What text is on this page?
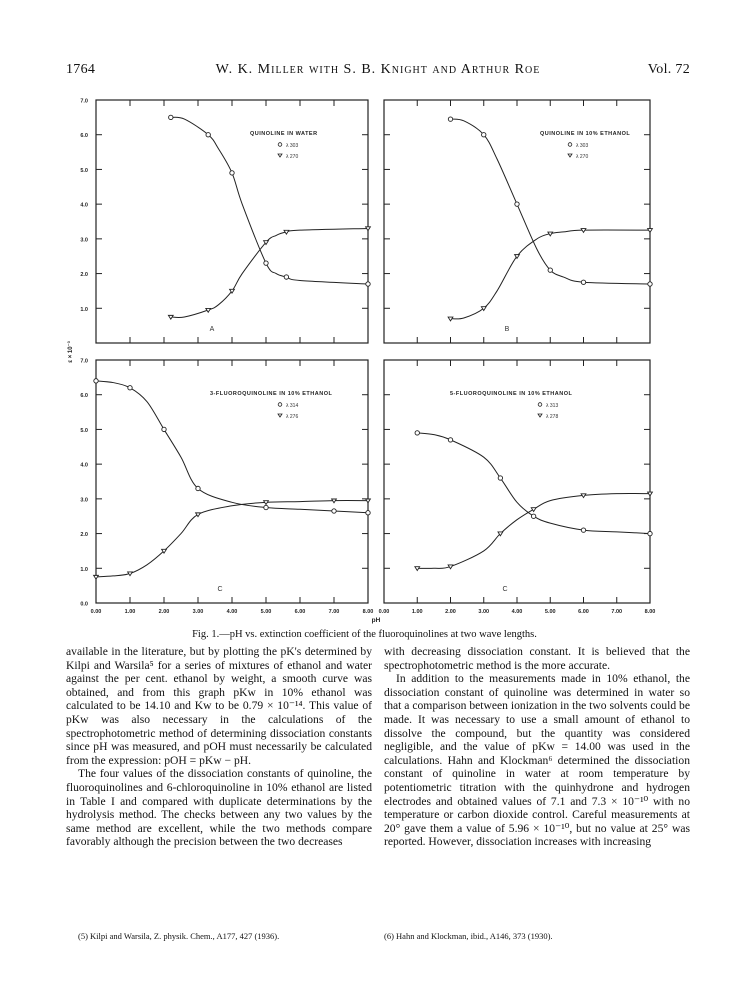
1764	W. K. Miller with S. B. Knight and Arthur Roe	Vol. 72
1.0
2.0
3.0
4.0
5.0
6.0
7.0
QUINOLINE IN WATER
λ 303
λ 270
A
QUINOLINE IN 10% ETHANOL
λ 303
λ 270
B
0.0
1.0
2.0
3.0
4.0
5.0
6.0
7.0
0.00	1.00	2.00	3.00	4.00	5.00	6.00	7.00	8.00
3-FLUOROQUINOLINE IN 10% ETHANOL
λ 314
λ 276
C
0.00	1.00	2.00	3.00	4.00	5.00	6.00	7.00	8.00
5-FLUOROQUINOLINE IN 10% ETHANOL
λ 313
λ 278
C
ε × 10⁻³
pH
Fig. 1.—pH vs. extinction coefficient of the fluoroquinolines at two wave lengths.

available in the literature, but by plotting the pK's determined by Kilpi and Warsila⁵ for a series of mixtures of ethanol and water against the per cent. ethanol by weight, a smooth curve was obtained, and from this graph pKw in 10% ethanol was calculated to be 14.10 and Kw to be 0.79 × 10⁻¹⁴. This value of pKw was also necessary in the calculations of the spectrophotometric method of determining dissociation constants since pH was measured, and pOH must necessarily be calculated from the expression: pOH = pKw − pH.

The four values of the dissociation constants of quinoline, the fluoroquinolines and 6-chloroquinoline in 10% ethanol are listed in Table I and compared with duplicate determinations by the hydrolysis method. The checks between any two values by the same method are excellent, while the two methods compare favorably although the precision between the two decreases

with decreasing dissociation constant. It is believed that the spectrophotometric method is the more accurate.

In addition to the measurements made in 10% ethanol, the dissociation constant of quinoline was determined in water so that a comparison between ionization in the two solvents could be made. It was necessary to use a small amount of ethanol to dissolve the compound, but the quantity was considered negligible, and the value of pKw = 14.00 was used in the calculations. Hahn and Klockman⁶ determined the dissociation constant of quinoline in water at room temperature by potentiometric titration with the quinhydrone and hydrogen electrodes and obtained values of 7.1 and 7.3 × 10⁻¹⁰ with no temperature or carbon dioxide control. Careful measurements at 20° gave them a value of 5.96 × 10⁻¹⁰, but no value at 25° was reported. However, dissociation increases with increasing

(5) Kilpi and Warsila, Z. physik. Chem., A177, 427 (1936).	(6) Hahn and Klockman, ibid., A146, 373 (1930).
